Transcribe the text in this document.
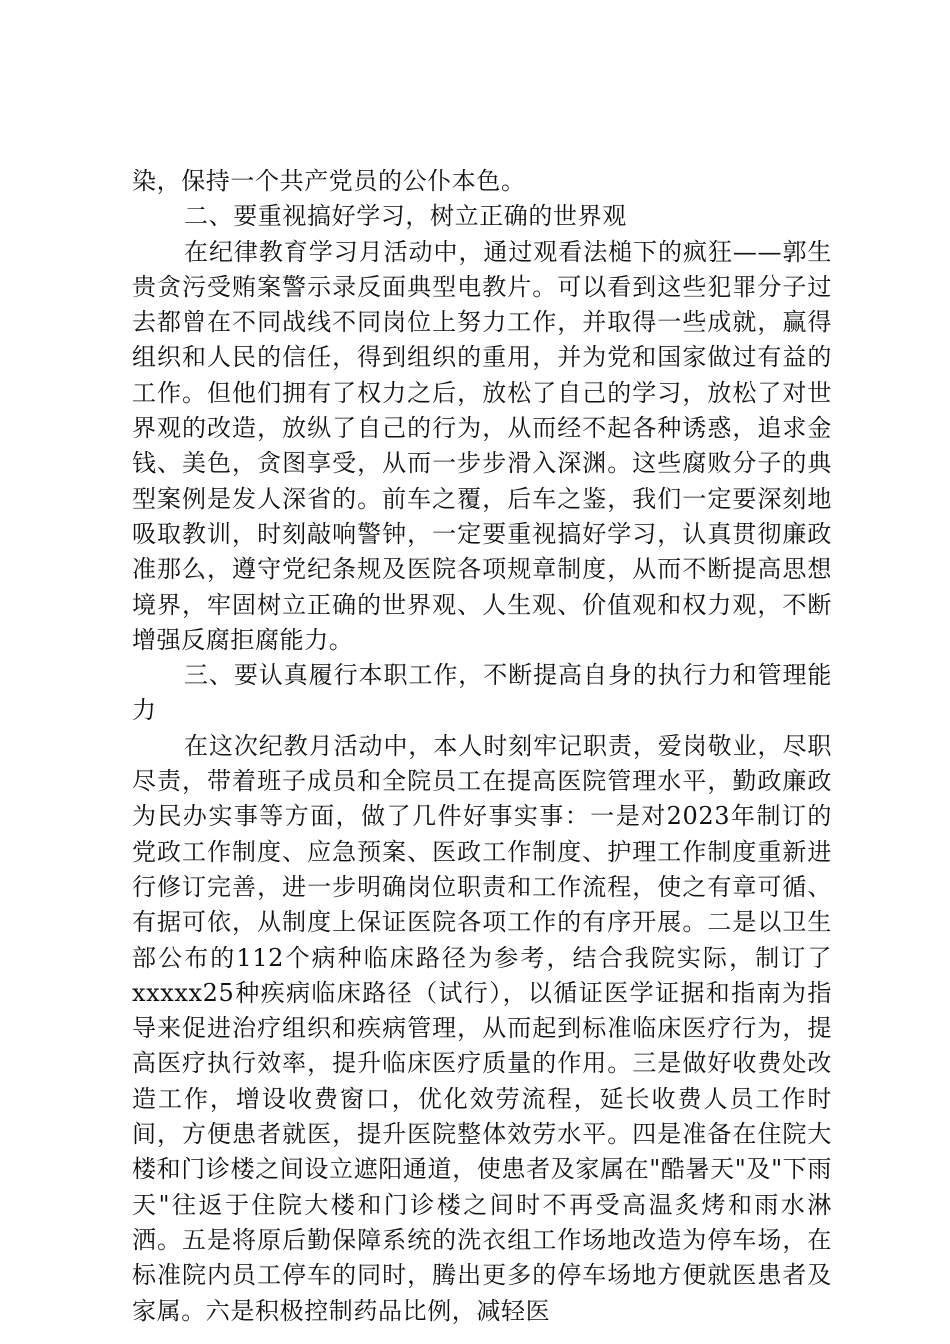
染，保持一个共产党员的公仆本色。

二、要重视搞好学习，树立正确的世界观

在纪律教育学习月活动中，通过观看法槌下的疯狂——郭生贵贪污受贿案警示录反面典型电教片。可以看到这些犯罪分子过去都曾在不同战线不同岗位上努力工作，并取得一些成就，赢得组织和人民的信任，得到组织的重用，并为党和国家做过有益的工作。但他们拥有了权力之后，放松了自己的学习，放松了对世界观的改造，放纵了自己的行为，从而经不起各种诱惑，追求金钱、美色，贪图享受，从而一步步滑入深渊。这些腐败分子的典型案例是发人深省的。前车之覆，后车之鉴，我们一定要深刻地吸取教训，时刻敲响警钟，一定要重视搞好学习，认真贯彻廉政准那么，遵守党纪条规及医院各项规章制度，从而不断提高思想境界，牢固树立正确的世界观、人生观、价值观和权力观，不断增强反腐拒腐能力。

三、要认真履行本职工作，不断提高自身的执行力和管理能力

在这次纪教月活动中，本人时刻牢记职责，爱岗敬业，尽职尽责，带着班子成员和全院员工在提高医院管理水平，勤政廉政为民办实事等方面，做了几件好事实事：一是对2023年制订的党政工作制度、应急预案、医政工作制度、护理工作制度重新进行修订完善，进一步明确岗位职责和工作流程，使之有章可循、有据可依，从制度上保证医院各项工作的有序开展。二是以卫生部公布的112个病种临床路径为参考，结合我院实际，制订了xxxxx25种疾病临床路径（试行），以循证医学证据和指南为指导来促进治疗组织和疾病管理，从而起到标准临床医疗行为，提高医疗执行效率，提升临床医疗质量的作用。三是做好收费处改造工作，增设收费窗口，优化效劳流程，延长收费人员工作时间，方便患者就医，提升医院整体效劳水平。四是准备在住院大楼和门诊楼之间设立遮阳通道，使患者及家属在"酷暑天"及"下雨天"往返于住院大楼和门诊楼之间时不再受高温炙烤和雨水淋洒。五是将原后勤保障系统的洗衣组工作场地改造为停车场，在标准院内员工停车的同时，腾出更多的停车场地方便就医患者及家属。六是积极控制药品比例，减轻医
